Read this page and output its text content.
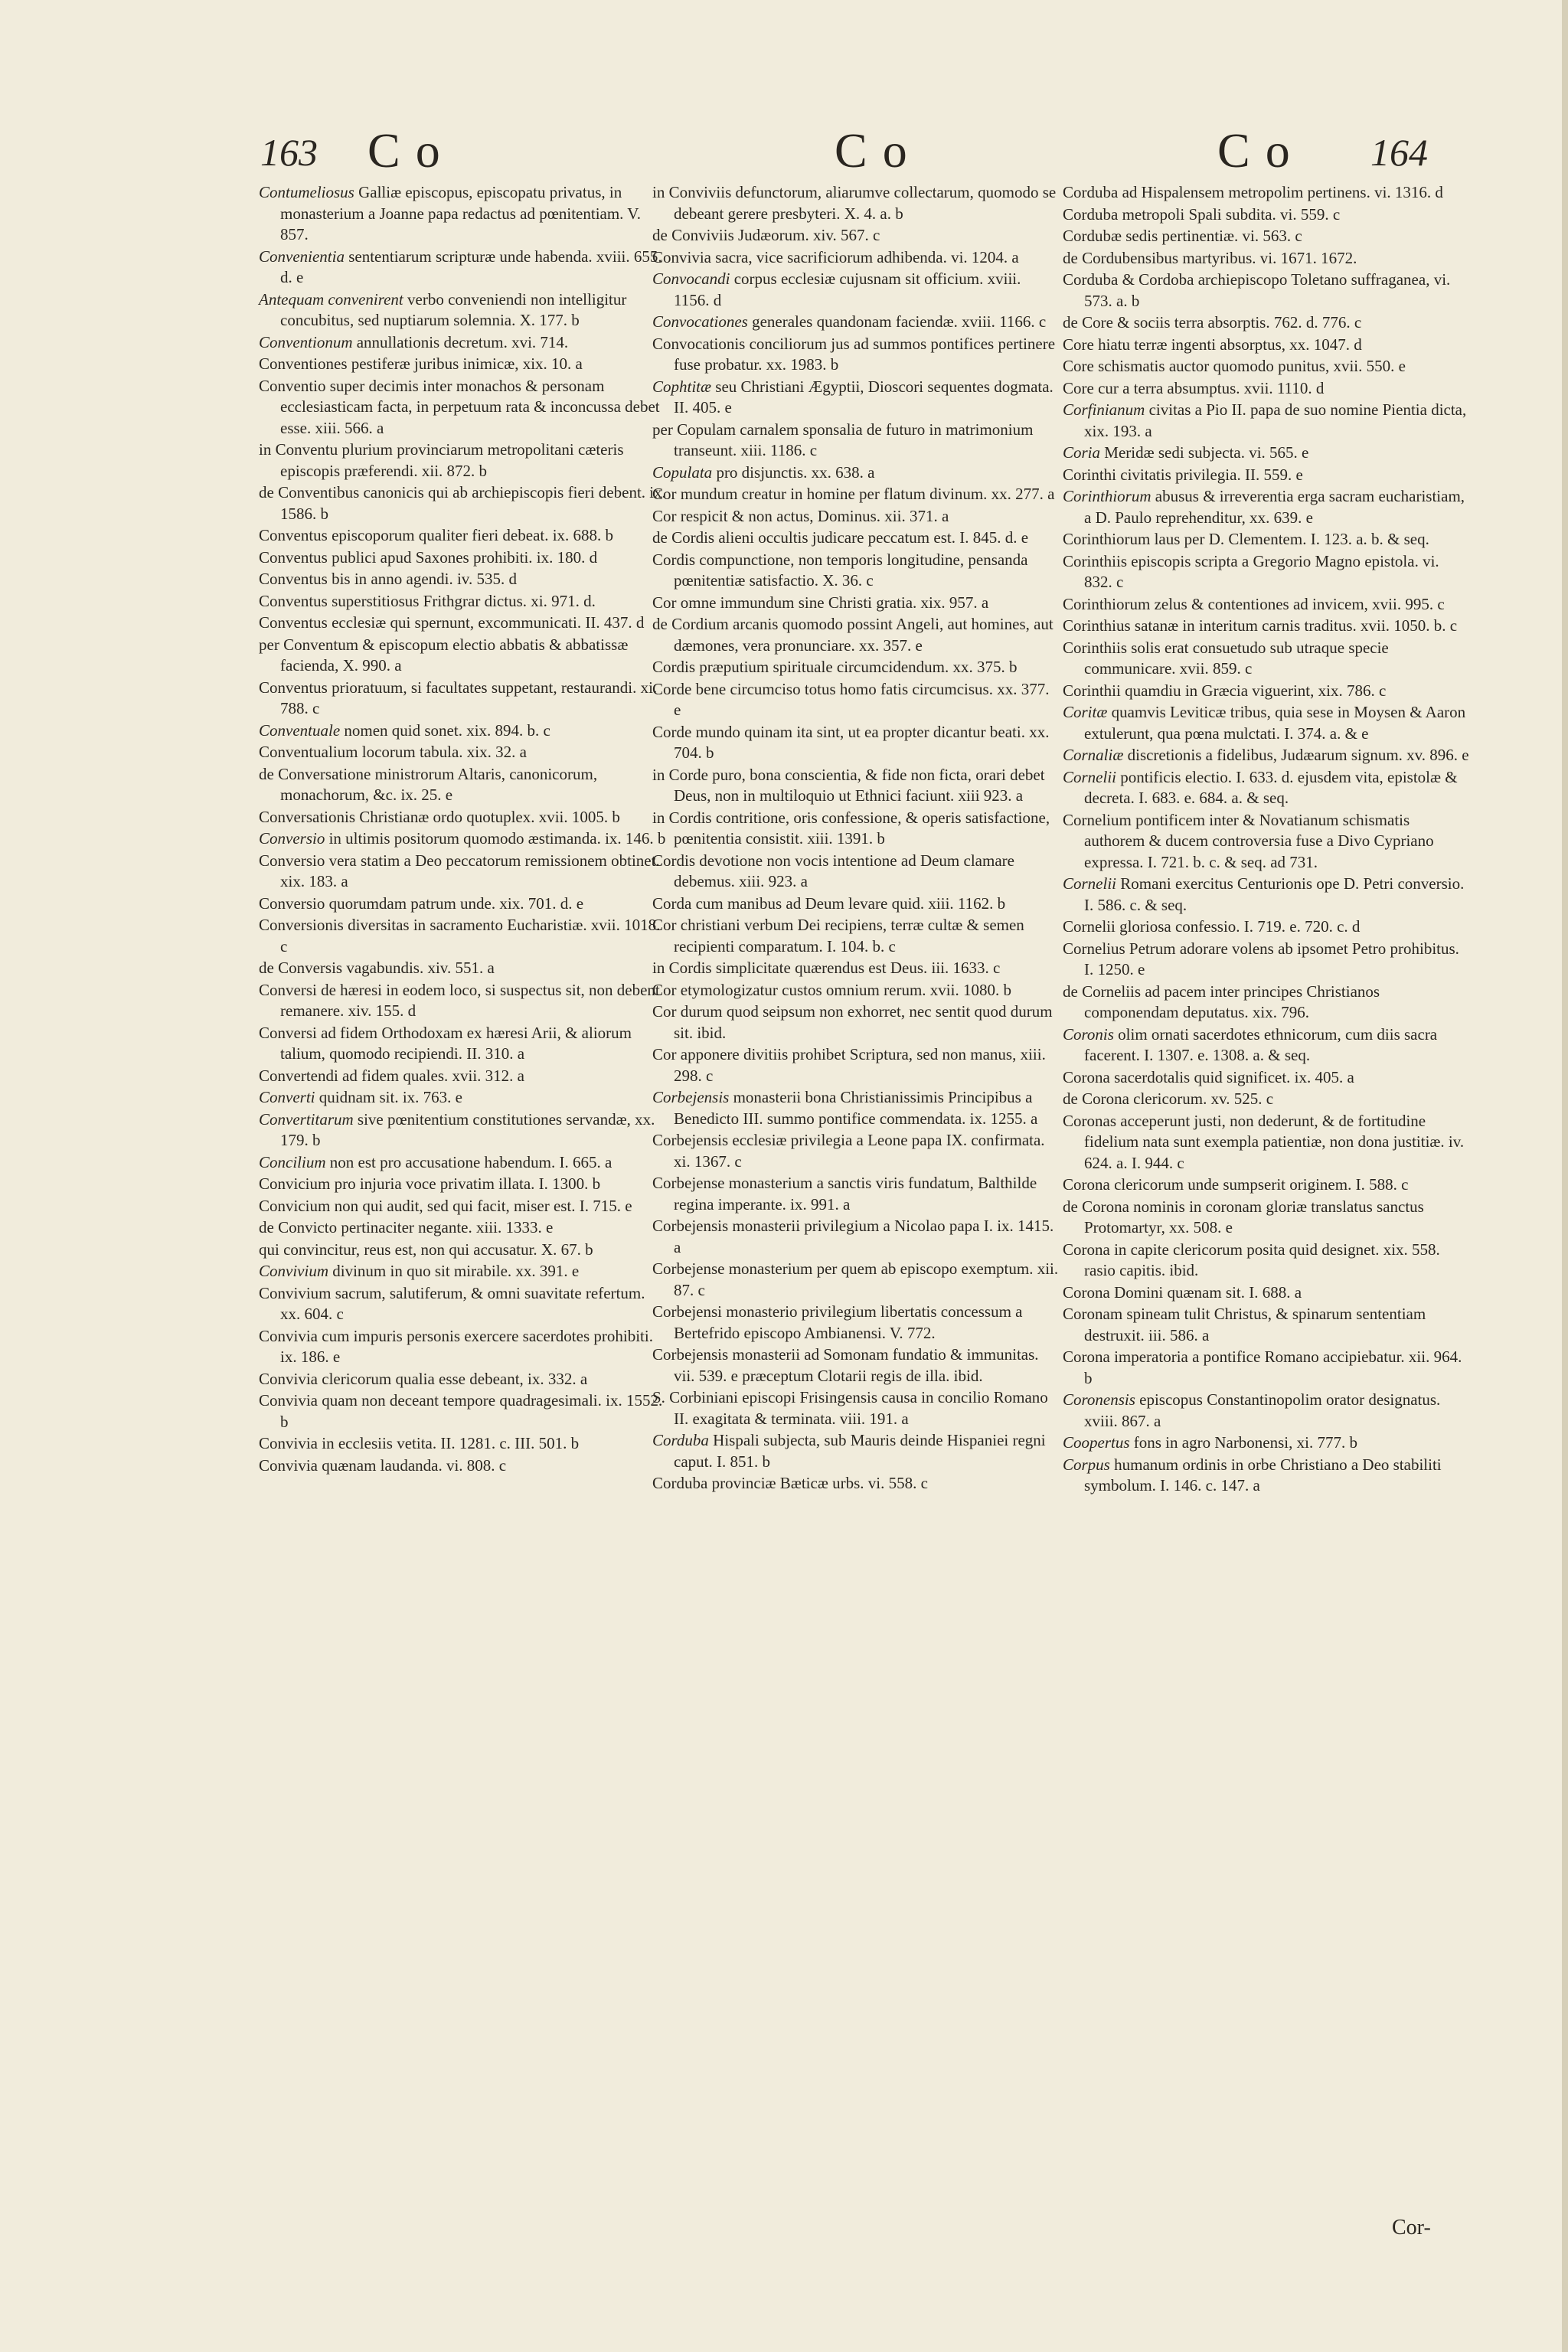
163 Co	Co	Co 164
Contumeliosus Galliæ episcopus, episcopatu privatus, in monasterium a Joanne papa redactus ad pœnitentiam. V. 857.
Convenientia sententiarum scripturæ unde habenda. xviii. 655. d. e
Antequam convenirent verbo conveniendi non intelligitur concubitus, sed nuptiarum solemnia. X. 177. b
Conventionum annullationis decretum. xvi. 714.
Conventiones pestiferæ juribus inimicæ, xix. 10. a
Conventio super decimis inter monachos & personam ecclesiasticam facta, in perpetuum rata & inconcussa debet esse. xiii. 566. a
in Conventu plurium provinciarum metropolitani cæteris episcopis præferendi. xii. 872. b
de Conventibus canonicis qui ab archiepiscopis fieri debent. ix. 1586. b
Conventus episcoporum qualiter fieri debeat. ix. 688. b
Conventus publici apud Saxones prohibiti. ix. 180. d
Conventus bis in anno agendi. iv. 535. d
Conventus superstitiosus Frithgrar dictus. xi. 971. d.
Conventus ecclesiæ qui spernunt, excommunicati. II. 437. d
per Conventum & episcopum electio abbatis & abbatissæ facienda, X. 990. a
Conventus prioratuum, si facultates suppetant, restaurandi. xi. 788. c
Conventuale nomen quid sonet. xix. 894. b. c
Conventualium locorum tabula. xix. 32. a
de Conversatione ministrorum Altaris, canonicorum, monachorum, &c. ix. 25. e
Conversationis Christianæ ordo quotuplex. xvii. 1005. b
Conversio in ultimis positorum quomodo æstimanda. ix. 146. b
Conversio vera statim a Deo peccatorum remissionem obtinet. xix. 183. a
Conversio quorumdam patrum unde. xix. 701. d. e
Conversionis diversitas in sacramento Eucharistiæ. xvii. 1018. c
de Conversis vagabundis. xiv. 551. a
Conversi de hæresi in eodem loco, si suspectus sit, non debent remanere. xiv. 155. d
Conversi ad fidem Orthodoxam ex hæresi Arii, & aliorum talium, quomodo recipiendi. II. 310. a
Convertendi ad fidem quales. xvii. 312. a
Converti quidnam sit. ix. 763. e
Convertitarum sive pœnitentium constitutiones servandæ, xx. 179. b
Concilium non est pro accusatione habendum. I. 665. a
Convicium pro injuria voce privatim illata. I. 1300. b
Convicium non qui audit, sed qui facit, miser est. I. 715. e
de Convicto pertinaciter negante. xiii. 1333. e
qui convincitur, reus est, non qui accusatur. X. 67. b
Convivium divinum in quo sit mirabile. xx. 391. e
Convivium sacrum, salutiferum, & omni suavitate refertum. xx. 604. c
Convivia cum impuris personis exercere sacerdotes prohibiti. ix. 186. e
Convivia clericorum qualia esse debeant, ix. 332. a
Convivia quam non deceant tempore quadragesimali. ix. 1552. b
Convivia in ecclesiis vetita. II. 1281. c. III. 501. b
Convivia quænam laudanda. vi. 808. c
in Conviviis defunctorum, aliarumve collectarum, quomodo se debeant gerere presbyteri. X. 4. a. b
de Conviviis Judæorum. xiv. 567. c
Convivia sacra, vice sacrificiorum adhibenda. vi. 1204. a
Convocandi corpus ecclesiæ cujusnam sit officium. xviii. 1156. d
Convocationes generales quandonam faciendæ. xviii. 1166. c
Convocationis conciliorum jus ad summos pontifices pertinere fuse probatur. xx. 1983. b
Cophtitæ seu Christiani Ægyptii, Dioscori sequentes dogmata. II. 405. e
per Copulam carnalem sponsalia de futuro in matrimonium transeunt. xiii. 1186. c
Copulata pro disjunctis. xx. 638. a
Cor mundum creatur in homine per flatum divinum. xx. 277. a
Cor respicit & non actus, Dominus. xii. 371. a
de Cordis alieni occultis judicare peccatum est. I. 845. d. e
Cordis compunctione, non temporis longitudine, pensanda pœnitentiæ satisfactio. X. 36. c
Cor omne immundum sine Christi gratia. xix. 957. a
de Cordium arcanis quomodo possint Angeli, aut homines, aut dæmones, vera pronunciare. xx. 357. e
Cordis præputium spirituale circumcidendum. xx. 375. b
Corde bene circumciso totus homo fatis circumcisus. xx. 377. e
Corde mundo quinam ita sint, ut ea propter dicantur beati. xx. 704. b
in Corde puro, bona conscientia, & fide non ficta, orari debet Deus, non in multiloquio ut Ethnici faciunt. xiii 923. a
in Cordis contritione, oris confessione, & operis satisfactione, pœnitentia consistit. xiii. 1391. b
Cordis devotione non vocis intentione ad Deum clamare debemus. xiii. 923. a
Corda cum manibus ad Deum levare quid. xiii. 1162. b
Cor christiani verbum Dei recipiens, terræ cultæ & semen recipienti comparatum. I. 104. b. c
in Cordis simplicitate quærendus est Deus. iii. 1633. c
Cor etymologizatur custos omnium rerum. xvii. 1080. b
Cor durum quod seipsum non exhorret, nec sentit quod durum sit. ibid.
Cor apponere divitiis prohibet Scriptura, sed non manus, xiii. 298. c
Corbejensis monasterii bona Christianissimis Principibus a Benedicto III. summo pontifice commendata. ix. 1255. a
Corbejensis ecclesiæ privilegia a Leone papa IX. confirmata. xi. 1367. c
Corbejense monasterium a sanctis viris fundatum, Balthilde regina imperante. ix. 991. a
Corbejensis monasterii privilegium a Nicolao papa I. ix. 1415. a
Corbejense monasterium per quem ab episcopo exemptum. xii. 87. c
Corbejensi monasterio privilegium libertatis concessum a Bertefrido episcopo Ambianensi. V. 772.
Corbejensis monasterii ad Somonam fundatio & immunitas. vii. 539. e præceptum Clotarii regis de illa. ibid.
S. Corbiniani episcopi Frisingensis causa in concilio Romano II. exagitata & terminata. viii. 191. a
Corduba Hispali subjecta, sub Mauris deinde Hispaniei regni caput. I. 851. b
Corduba provinciæ Bæticæ urbs. vi. 558. c
Corduba ad Hispalensem metropolim pertinens. vi. 1316. d
Corduba metropoli Spali subdita. vi. 559. c
Cordubæ sedis pertinentiæ. vi. 563. c
de Cordubensibus martyribus. vi. 1671. 1672.
Corduba & Cordoba archiepiscopo Toletano suffraganea, vi. 573. a. b
de Core & sociis terra absorptis. 762. d. 776. c
Core hiatu terræ ingenti absorptus, xx. 1047. d
Core schismatis auctor quomodo punitus, xvii. 550. e
Core cur a terra absumptus. xvii. 1110. d
Corfinianum civitas a Pio II. papa de suo nomine Pientia dicta, xix. 193. a
Coria Meridæ sedi subjecta. vi. 565. e
Corinthi civitatis privilegia. II. 559. e
Corinthiorum abusus & irreverentia erga sacram eucharistiam, a D. Paulo reprehenditur, xx. 639. e
Corinthiorum laus per D. Clementem. I. 123. a. b. & seq.
Corinthiis episcopis scripta a Gregorio Magno epistola. vi. 832. c
Corinthiorum zelus & contentiones ad invicem, xvii. 995. c
Corinthius satanæ in interitum carnis traditus. xvii. 1050. b. c
Corinthiis solis erat consuetudo sub utraque specie communicare. xvii. 859. c
Corinthii quamdiu in Græcia viguerint, xix. 786. c
Coritæ quamvis Leviticæ tribus, quia sese in Moysen & Aaron extulerunt, qua pœna mulctati. I. 374. a. & e
Cornaliæ discretionis a fidelibus, Judæarum signum. xv. 896. e
Cornelii pontificis electio. I. 633. d. ejusdem vita, epistolæ & decreta. I. 683. e. 684. a. & seq.
Cornelium pontificem inter & Novatianum schismatis authorem & ducem controversia fuse a Divo Cypriano expressa. I. 721. b. c. & seq. ad 731.
Cornelii Romani exercitus Centurionis ope D. Petri conversio. I. 586. c. & seq.
Cornelii gloriosa confessio. I. 719. e. 720. c. d
Cornelius Petrum adorare volens ab ipsomet Petro prohibitus. I. 1250. e
de Corneliis ad pacem inter principes Christianos componendam deputatus. xix. 796.
Coronis olim ornati sacerdotes ethnicorum, cum diis sacra facerent. I. 1307. e. 1308. a. & seq.
Corona sacerdotalis quid significet. ix. 405. a
de Corona clericorum. xv. 525. c
Coronas acceperunt justi, non dederunt, & de fortitudine fidelium nata sunt exempla patientiæ, non dona justitiæ. iv. 624. a. I. 944. c
Corona clericorum unde sumpserit originem. I. 588. c
de Corona nominis in coronam gloriæ translatus sanctus Protomartyr, xx. 508. e
Corona in capite clericorum posita quid designet. xix. 558. rasio capitis. ibid.
Corona Domini quænam sit. I. 688. a
Coronam spineam tulit Christus, & spinarum sententiam destruxit. iii. 586. a
Corona imperatoria a pontifice Romano accipiebatur. xii. 964. b
Coronensis episcopus Constantinopolim orator designatus. xviii. 867. a
Coopertus fons in agro Narbonensi, xi. 777. b
Corpus humanum ordinis in orbe Christiano a Deo stabiliti symbolum. I. 146. c. 147. a
Cor-
